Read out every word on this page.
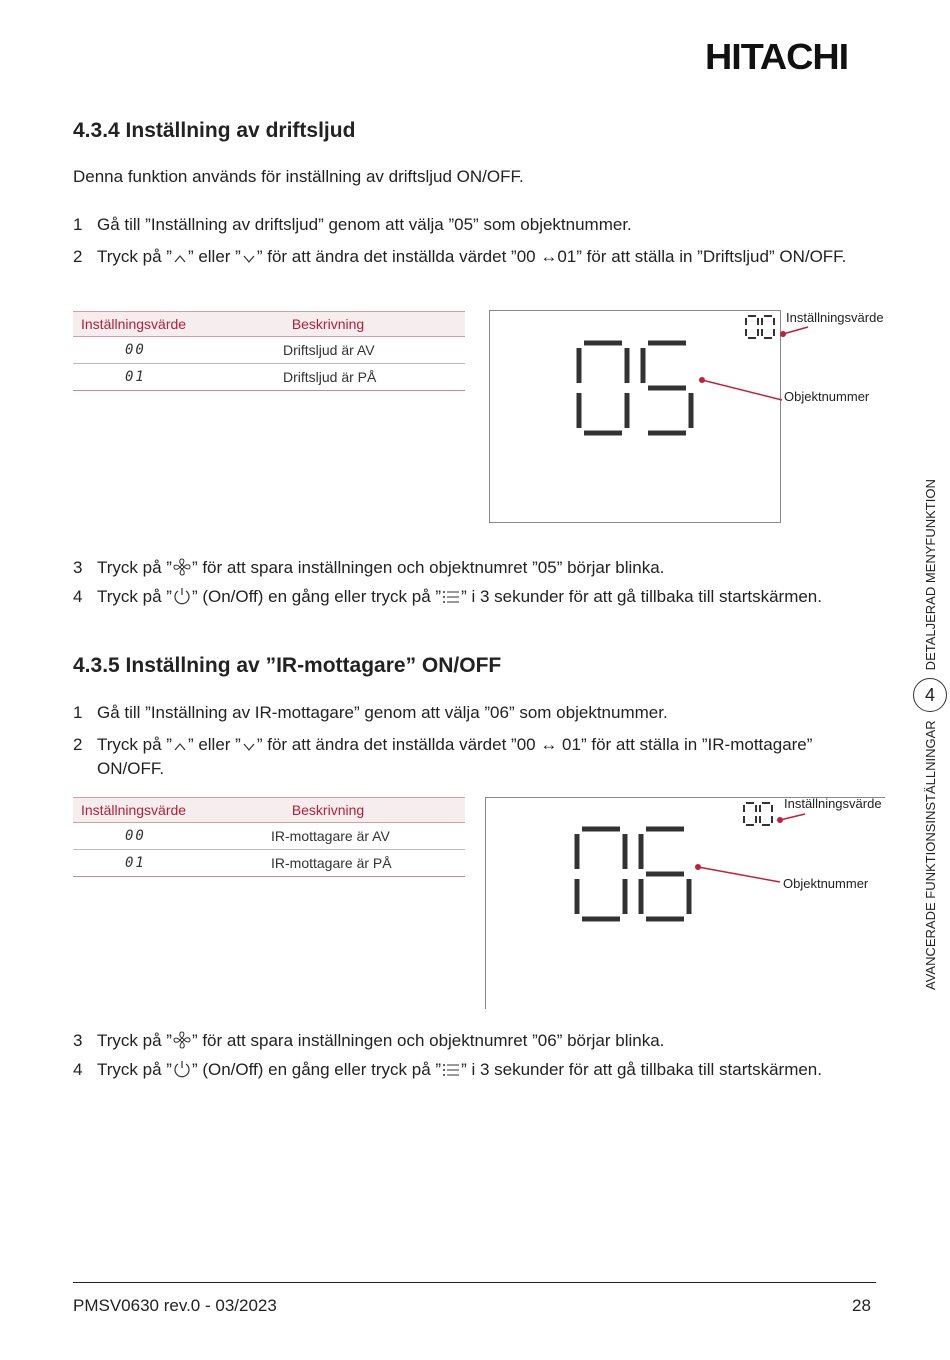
HITACHI
4.3.4 Inställning av driftsljud
Denna funktion används för inställning av driftsljud ON/OFF.
1 Gå till ”Inställning av driftsljud” genom att välja ”05” som objektnummer.
2 Tryck på ” ” eller ” ” för att ändra det inställda värdet ”00 ↔01” för att ställa in ”Driftsljud” ON/OFF.
Inställningsvärde	Beskrivning
00	Driftsljud är AV
01	Driftsljud är PÅ
Inställningsvärde
Objektnummer
3 Tryck på ” ” för att spara inställningen och objektnumret ”05” börjar blinka.
4 Tryck på ” ” (On/Off) en gång eller tryck på ” ” i 3 sekunder för att gå tillbaka till startskärmen.
4.3.5 Inställning av ”IR-mottagare” ON/OFF
1 Gå till ”Inställning av IR-mottagare” genom att välja ”06” som objektnummer.
2 Tryck på ” ” eller ” ” för att ändra det inställda värdet ”00 ↔ 01” för att ställa in ”IR-mottagare” ON/OFF.
Inställningsvärde	Beskrivning
00	IR-mottagare är AV
01	IR-mottagare är PÅ
Inställningsvärde
Objektnummer
3 Tryck på ” ” för att spara inställningen och objektnumret ”06” börjar blinka.
4 Tryck på ” ” (On/Off) en gång eller tryck på ” ” i 3 sekunder för att gå tillbaka till startskärmen.
AVANCERADE FUNKTIONSINSTÄLLNINGAR
4
DETALJERAD MENYFUNKTION
PMSV0630 rev.0 - 03/2023	28
